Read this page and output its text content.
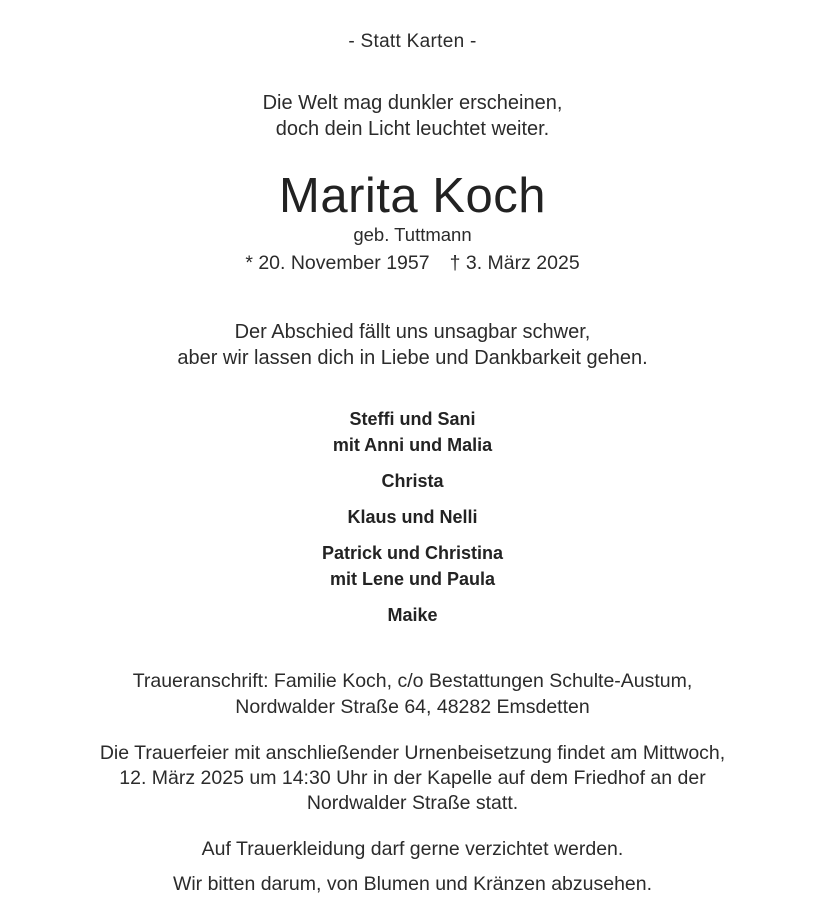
- Statt Karten -
Die Welt mag dunkler erscheinen,
doch dein Licht leuchtet weiter.
Marita Koch
geb. Tuttmann
* 20. November 1957 † 3. März 2025
Der Abschied fällt uns unsagbar schwer,
aber wir lassen dich in Liebe und Dankbarkeit gehen.
Steffi und Sani
mit Anni und Malia
Christa
Klaus und Nelli
Patrick und Christina
mit Lene und Paula
Maike
Traueranschrift: Familie Koch, c/o Bestattungen Schulte-Austum,
Nordwalder Straße 64, 48282 Emsdetten
Die Trauerfeier mit anschließender Urnenbeisetzung findet am Mittwoch,
12. März 2025 um 14:30 Uhr in der Kapelle auf dem Friedhof an der
Nordwalder Straße statt.
Auf Trauerkleidung darf gerne verzichtet werden.
Wir bitten darum, von Blumen und Kränzen abzusehen.
